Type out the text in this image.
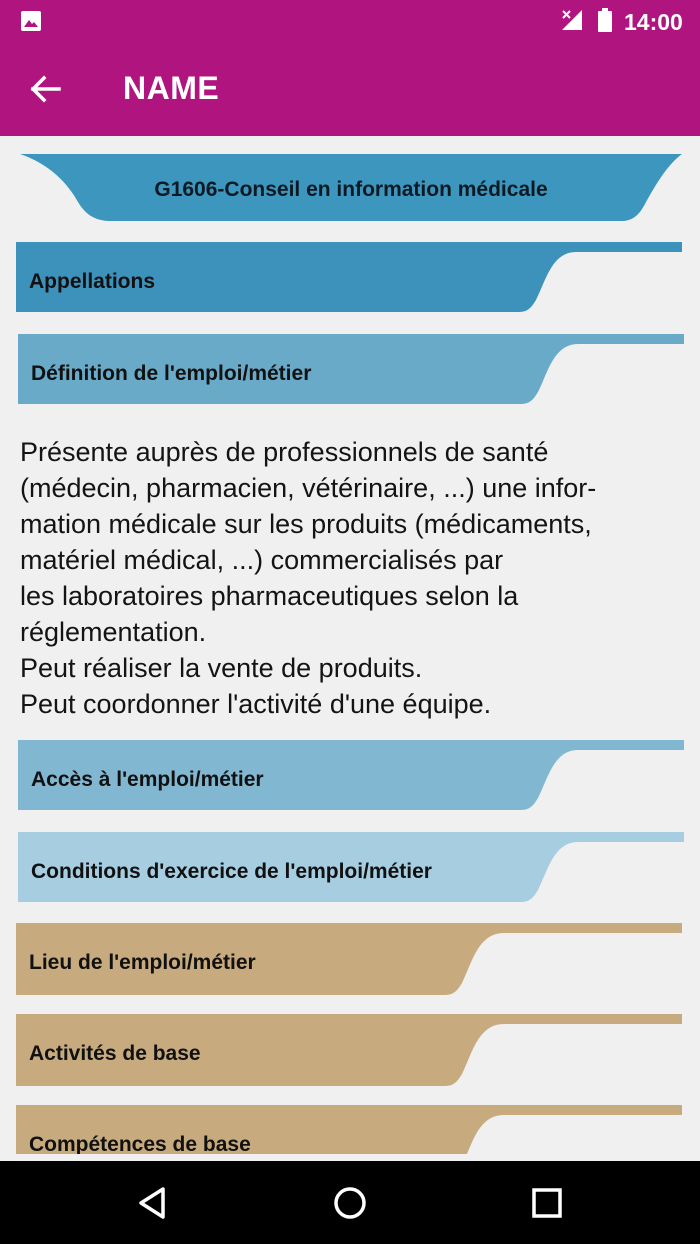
14:00
NAME
G1606-Conseil en information médicale
Appellations
Définition de l'emploi/métier
Présente auprès de professionnels de santé
(médecin, pharmacien, vétérinaire, ...) une infor-
mation médicale sur les produits (médicaments,
matériel médical, ...) commercialisés par
les laboratoires pharmaceutiques selon la
réglementation.
Peut réaliser la vente de produits.
Peut coordonner l'activité d'une équipe.
Accès à l'emploi/métier
Conditions d'exercice de l'emploi/métier
Lieu de l'emploi/métier
Activités de base
Compétences de base
